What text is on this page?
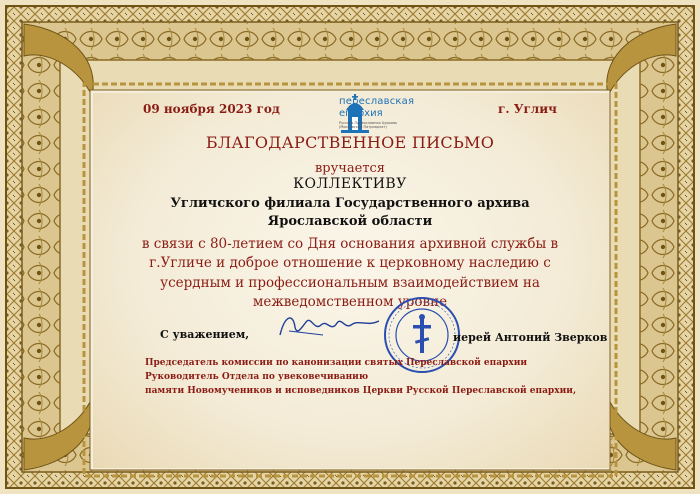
09 ноября 2023 год	г. Углич
переславская
епархия
Русская Православная Церковь (Московский Патриархат)
БЛАГОДАРСТВЕННОЕ ПИСЬМО
вручается
КОЛЛЕКТИВУ
Угличского филиала Государственного архива
Ярославской области
в связи с 80-летием со Дня основания архивной службы в
г.Угличе и доброе отношение к церковному наследию с
усердным и профессиональным взаимодействием на
межведомственном уровне
С уважением,	иерей Антоний Зверков
Председатель комиссии по канонизации святых Переславской епархии
Руководитель Отдела по увековечиванию
памяти Новомучеников и исповедников Церкви Русской Переславской епархии,
